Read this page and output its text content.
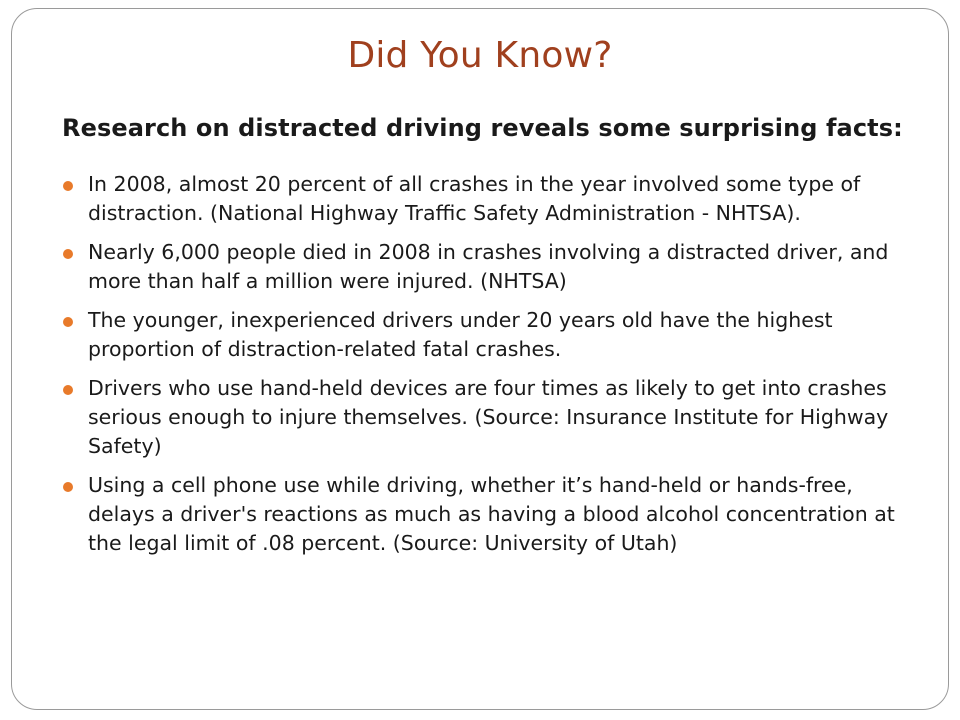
Did You Know?
Research on distracted driving reveals some surprising facts:
In 2008, almost 20 percent of all crashes in the year involved some type of distraction. (National Highway Traffic Safety Administration - NHTSA).
Nearly 6,000 people died in 2008 in crashes involving a distracted driver, and more than half a million were injured. (NHTSA)
The younger, inexperienced drivers under 20 years old have the highest proportion of distraction-related fatal crashes.
Drivers who use hand-held devices are four times as likely to get into crashes serious enough to injure themselves. (Source: Insurance Institute for Highway Safety)
Using a cell phone use while driving, whether it’s hand-held or hands-free, delays a driver's reactions as much as having a blood alcohol concentration at the legal limit of .08 percent. (Source: University of Utah)
